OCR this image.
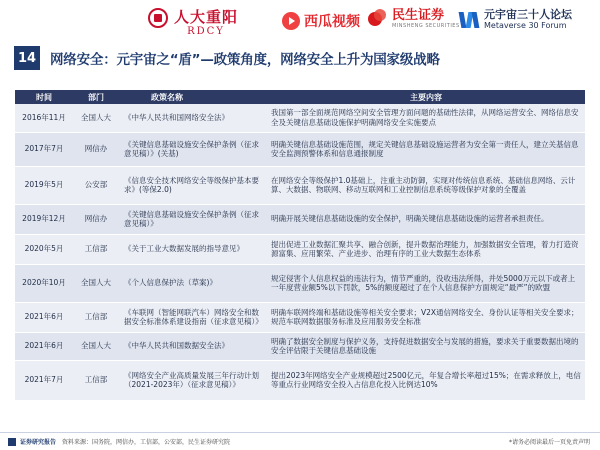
人大重阳
RDCY
西瓜视频 民生证券
MINSHENG SECURITIES
元宇宙三十人论坛
Metaverse 30 Forum
14 网络安全：元宇宙之“盾”—政策角度，网络安全上升为国家级战略
时间	部门	政策名称	主要内容
2016年11月	全国人大	《中华人民共和国网络安全法》	我国第一部全面规范网络空间安全管理方面问题的基础性法律，从网络运营安全、网络信息安全及关键信息基础设施保护明确网络安全实施要点
2017年7月	网信办	《关键信息基础设施安全保护条例（征求意见稿）》(关基)	明确关键信息基础设施范围，规定关键信息基础设施运营者为安全第一责任人，建立关基信息安全监测预警体系和信息通报制度
2019年5月	公安部	《信息安全技术网络安全等级保护基本要求》(等保2.0)	在网络安全等级保护1.0基础上，注重主动防御，实现对传统信息系统、基础信息网络、云计算、大数据、物联网、移动互联网和工业控制信息系统等级保护对象的全覆盖
2019年12月	网信办	《关键信息基础设施安全保护条例（征求意见稿）》	明确开展关键信息基础设施的安全保护，明确关键信息基础设施的运营者承担责任。
2020年5月	工信部	《关于工业大数据发展的指导意见》	提出促进工业数据汇聚共享、融合创新，提升数据治理能力，加强数据安全管理，着力打造资源富集、应用繁荣、产业进步、治理有序的工业大数据生态体系
2020年10月	全国人大	《个人信息保护法（草案)》	规定侵害个人信息权益的违法行为，情节严重的，没收违法所得，并处5000万元以下或者上一年度营业额5%以下罚款，5%的额度超过了在个人信息保护方面规定“最严”的欧盟
2021年6月	工信部	《车联网（智能网联汽车）网络安全和数据安全标准体系建设指南（征求意见稿）》	明确车联网终端和基础设施等相关安全要求；V2X通信网络安全、身份认证等相关安全要求；规范车联网数据服务标准及应用服务安全标准
2021年6月	全国人大	《中华人民共和国数据安全法》	明确了数据安全制度与保护义务，支持促进数据安全与发展的措施，要求关于重要数据出境的安全评估限于关键信息基础设施
2021年7月	工信部	《网络安全产业高质量发展三年行动计划（2021-2023年）（征求意见稿）》	提出2023年网络安全产业规模超过2500亿元，年复合增长率超过15%；在需求释放上，电信等重点行业网络安全投入占信息化投入比例达10%
证券研究报告 资料来源：国务院，网信办，工信部，公安部，民生证券研究院	*请务必阅读最后一页免责声明
